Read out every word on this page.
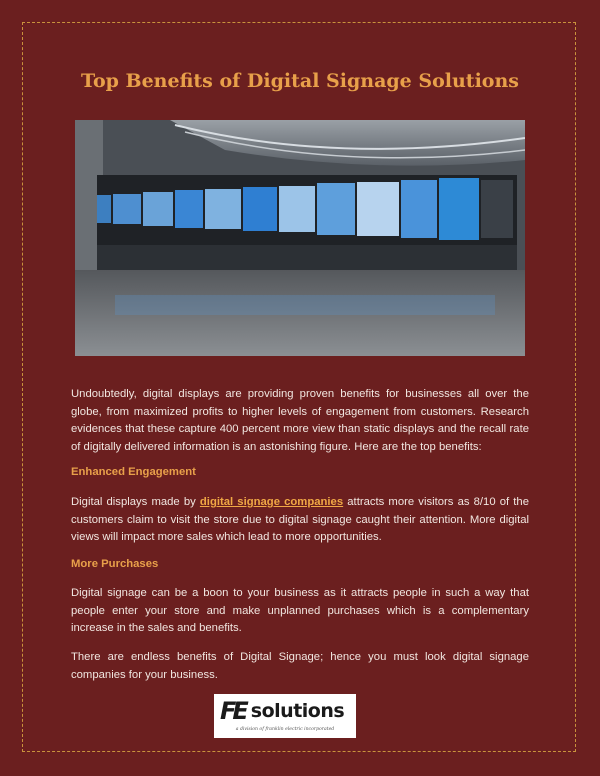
Top Benefits of Digital Signage Solutions

Undoubtedly, digital displays are providing proven benefits for businesses all over the globe, from maximized profits to higher levels of engagement from customers. Research evidences that these capture 400 percent more view than static displays and the recall rate of digitally delivered information is an astonishing figure. Here are the top benefits:

Enhanced Engagement

Digital displays made by digital signage companies attracts more visitors as 8/10 of the customers claim to visit the store due to digital signage caught their attention. More digital views will impact more sales which lead to more opportunities.

More Purchases

Digital signage can be a boon to your business as it attracts people in such a way that people enter your store and make unplanned purchases which is a complementary increase in the sales and benefits.

There are endless benefits of Digital Signage; hence you must look digital signage companies for your business.

FE solutions
a division of franklin electric incorporated
